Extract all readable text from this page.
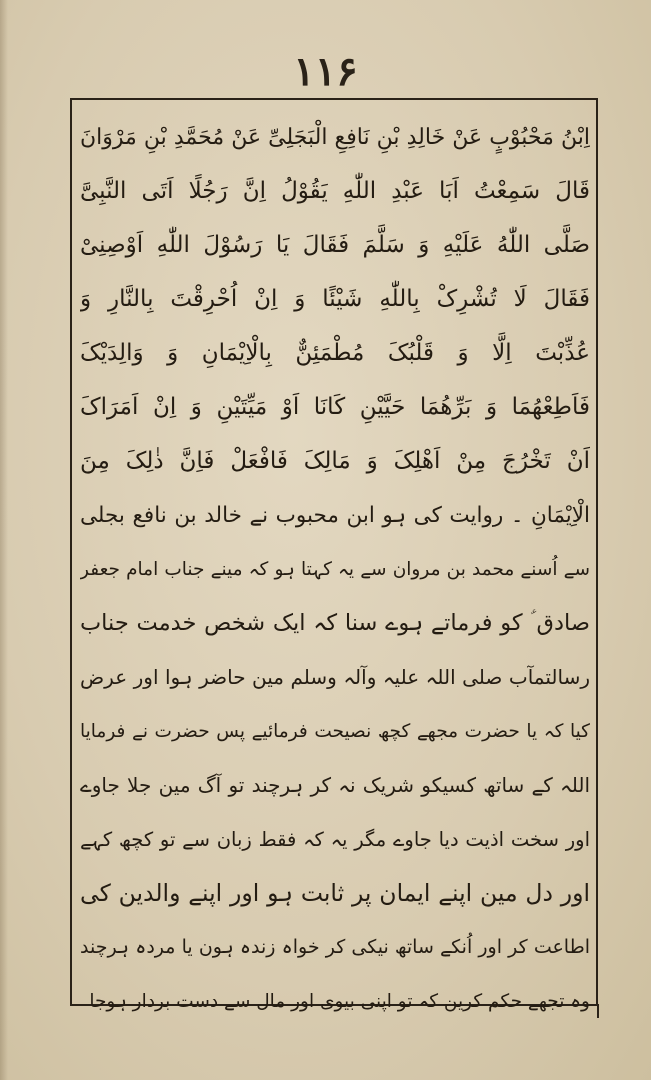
۱۱۶
اِبْنُ مَحْبُوْبٍ عَنْ خَالِدِ بْنِ نَافِعِ الْبَجَلِیِّ عَنْ مُحَمَّدِ بْنِ مَرْوَانَ
قَالَ سَمِعْتُ اَبَا عَبْدِ اللّٰهِ یَقُوْلُ اِنَّ رَجُلًا اَتَی النَّبِیَّ
صَلَّی اللّٰهُ عَلَیْهِ وَ سَلَّمَ فَقَالَ یَا رَسُوْلَ اللّٰهِ اَوْصِنِیْ
فَقَالَ لَا تُشْرِکْ بِاللّٰهِ شَیْئًا وَ اِنْ اُحْرِقْتَ بِالنَّارِ وَ
عُذِّبْتَ اِلَّا وَ قَلْبُکَ مُطْمَئِنٌّ بِالْاِیْمَانِ وَ وَالِدَیْکَ
فَاَطِعْهُمَا وَ بَرِّهُمَا حَیَّیْنِ کَانَا اَوْ مَیِّتَیْنِ وَ اِنْ اَمَرَاکَ
اَنْ تَخْرُجَ مِنْ اَهْلِکَ وَ مَالِکَ فَافْعَلْ فَاِنَّ ذٰلِکَ مِنَ
الْاِیْمَانِ ۔ روایت کی ہو ابن محبوب نے خالد بن نافع بجلی
سے اُسنے محمد بن مروان سے یہ کہتا ہو کہ مینے جناب امام جعفر
صادق ؑ کو فرماتے ہوے سنا کہ ایک شخص خدمت جناب
رسالتمآب صلی اللہ علیہ وآلہ وسلم مین حاضر ہوا اور عرض
کیا کہ یا حضرت مجھے کچھ نصیحت فرمائیے پس حضرت نے فرمایا
اللہ کے ساتھ کسیکو شریک نہ کر ہرچند تو آگ مین جلا جاوے
اور سخت اذیت دیا جاوے مگر یہ کہ فقط زبان سے تو کچھ کہے
اور دل مین اپنے ایمان پر ثابت ہو اور اپنے والدین کی
اطاعت کر اور اُنکے ساتھ نیکی کر خواہ زندہ ہون یا مردہ ہرچند
وہ تجھے حکم کرین کہ تو اپنی بیوی اور مال سے دست بردار ہوجا
